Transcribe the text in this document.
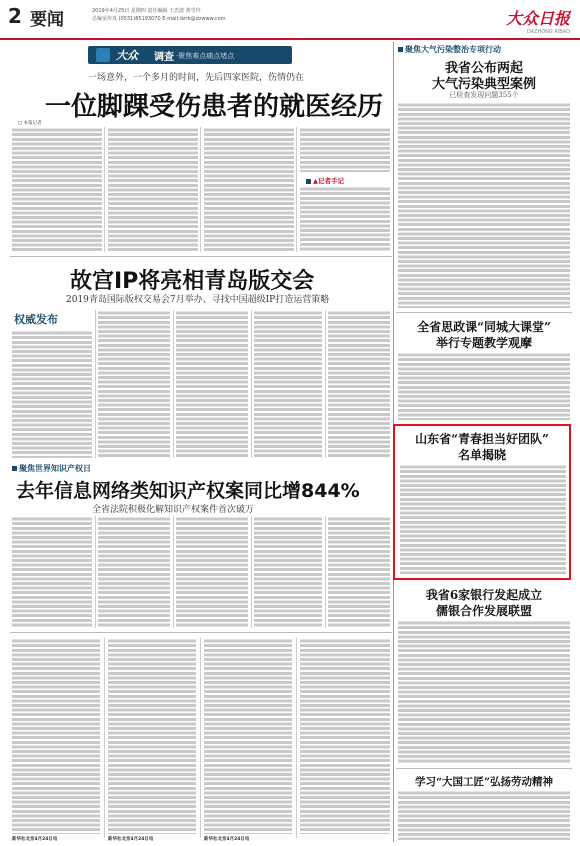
2 要闻	2019年4月25日 星期四 责任编辑 王忠波 黄雪玲
总编室传真 (0531)85193070 E-mail:dzrb@dzwww.com	大众日报
DAZHONG RIBAO
大众 调查 ·聚焦难点痛点堵点
一场意外，一个多月的时间，先后四家医院，伤情仍在
一位脚踝受伤患者的就医经历
□ 本报记者
▲记者手记
故宫IP将亮相青岛版交会
2019青岛国际版权交易会7月举办、寻找中国超级IP打造运营策略
权威发布
聚焦世界知识产权日
去年信息网络类知识产权案同比增844%
全省法院积极化解知识产权案件首次破万
新华社北京4月24日电	新华社北京4月24日电	新华社北京4月24日电
聚焦大气污染整治专项行动
我省公布两起
大气污染典型案例
已检查发现问题355个
全省思政课“同城大课堂”
举行专题教学观摩
山东省“青春担当好团队”
名单揭晓
我省6家银行发起成立
儒银合作发展联盟
学习“大国工匠”弘扬劳动精神
